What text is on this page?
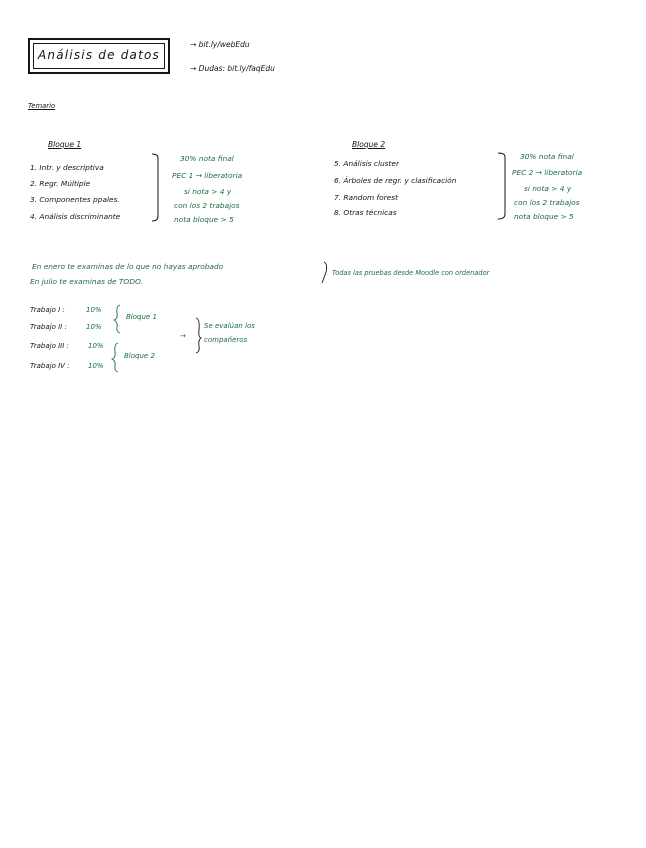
Análisis de datos
→ bit.ly/webEdu
→ Dudas: bit.ly/faqEdu
Temario
Bloque 1
1. Intr. y descriptiva
2. Regr. Múltiple
3. Componentes ppales.
4. Análisis discriminante
30% nota final
PEC 1 → liberatoria
si nota > 4 y
con los 2 trabajos
nota bloque > 5
Bloque 2
5. Análisis cluster
6. Árboles de regr. y clasificación
7. Random forest
8. Otras técnicas
30% nota final
PEC 2 → liberatoria
si nota > 4 y
con los 2 trabajos
nota bloque > 5
En enero te examinas de lo que no hayas aprobado
En julio te examinas de TODO.
Todas las pruebas desde Moodle con ordenador
Trabajo I :	10%
Trabajo II :	10%
Trabajo III :	10%
Trabajo IV :	10%
Bloque 1
Bloque 2
→
Se evalúan los
compañeros
